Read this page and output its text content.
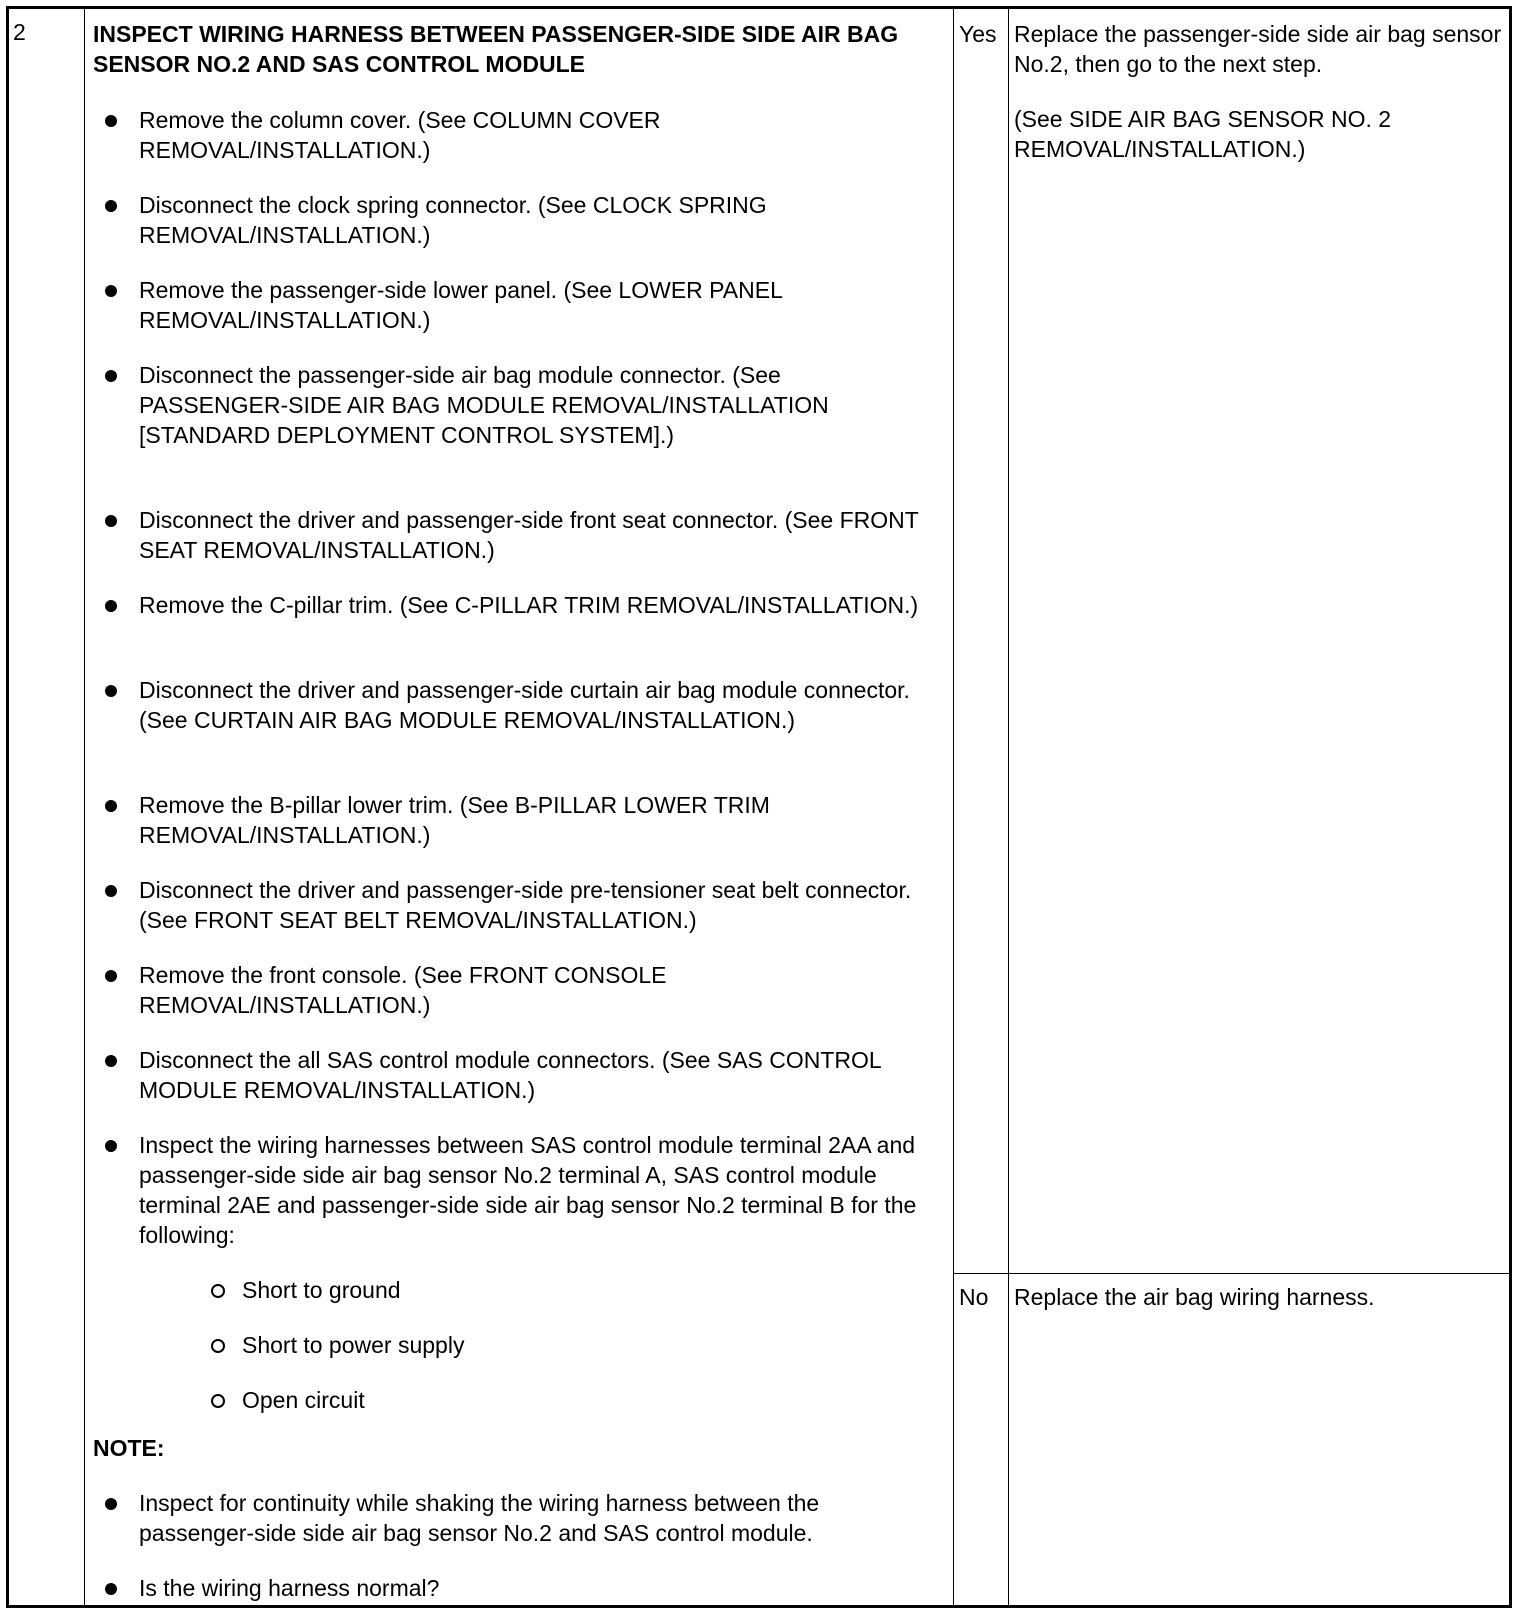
2	INSPECT WIRING HARNESS BETWEEN PASSENGER-SIDE SIDE AIR BAG SENSOR NO.2 AND SAS CONTROL MODULE
Remove the column cover. (See COLUMN COVER REMOVAL/INSTALLATION.)
Disconnect the clock spring connector. (See CLOCK SPRING REMOVAL/INSTALLATION.)
Remove the passenger-side lower panel. (See LOWER PANEL REMOVAL/INSTALLATION.)
Disconnect the passenger-side air bag module connector. (See PASSENGER-SIDE AIR BAG MODULE REMOVAL/INSTALLATION [STANDARD DEPLOYMENT CONTROL SYSTEM].)
Disconnect the driver and passenger-side front seat connector. (See FRONT SEAT REMOVAL/INSTALLATION.)
Remove the C-pillar trim. (See C-PILLAR TRIM REMOVAL/INSTALLATION.)
Disconnect the driver and passenger-side curtain air bag module connector. (See CURTAIN AIR BAG MODULE REMOVAL/INSTALLATION.)
Remove the B-pillar lower trim. (See B-PILLAR LOWER TRIM REMOVAL/INSTALLATION.)
Disconnect the driver and passenger-side pre-tensioner seat belt connector. (See FRONT SEAT BELT REMOVAL/INSTALLATION.)
Remove the front console. (See FRONT CONSOLE REMOVAL/INSTALLATION.)
Disconnect the all SAS control module connectors. (See SAS CONTROL MODULE REMOVAL/INSTALLATION.)
Inspect the wiring harnesses between SAS control module terminal 2AA and passenger-side side air bag sensor No.2 terminal A, SAS control module terminal 2AE and passenger-side side air bag sensor No.2 terminal B for the following:
Short to ground
Short to power supply
Open circuit
NOTE:
Inspect for continuity while shaking the wiring harness between the passenger-side side air bag sensor No.2 and SAS control module.
Is the wiring harness normal?
Yes Replace the passenger-side side air bag sensor No.2, then go to the next step.
(See SIDE AIR BAG SENSOR NO. 2 REMOVAL/INSTALLATION.)
No Replace the air bag wiring harness.
